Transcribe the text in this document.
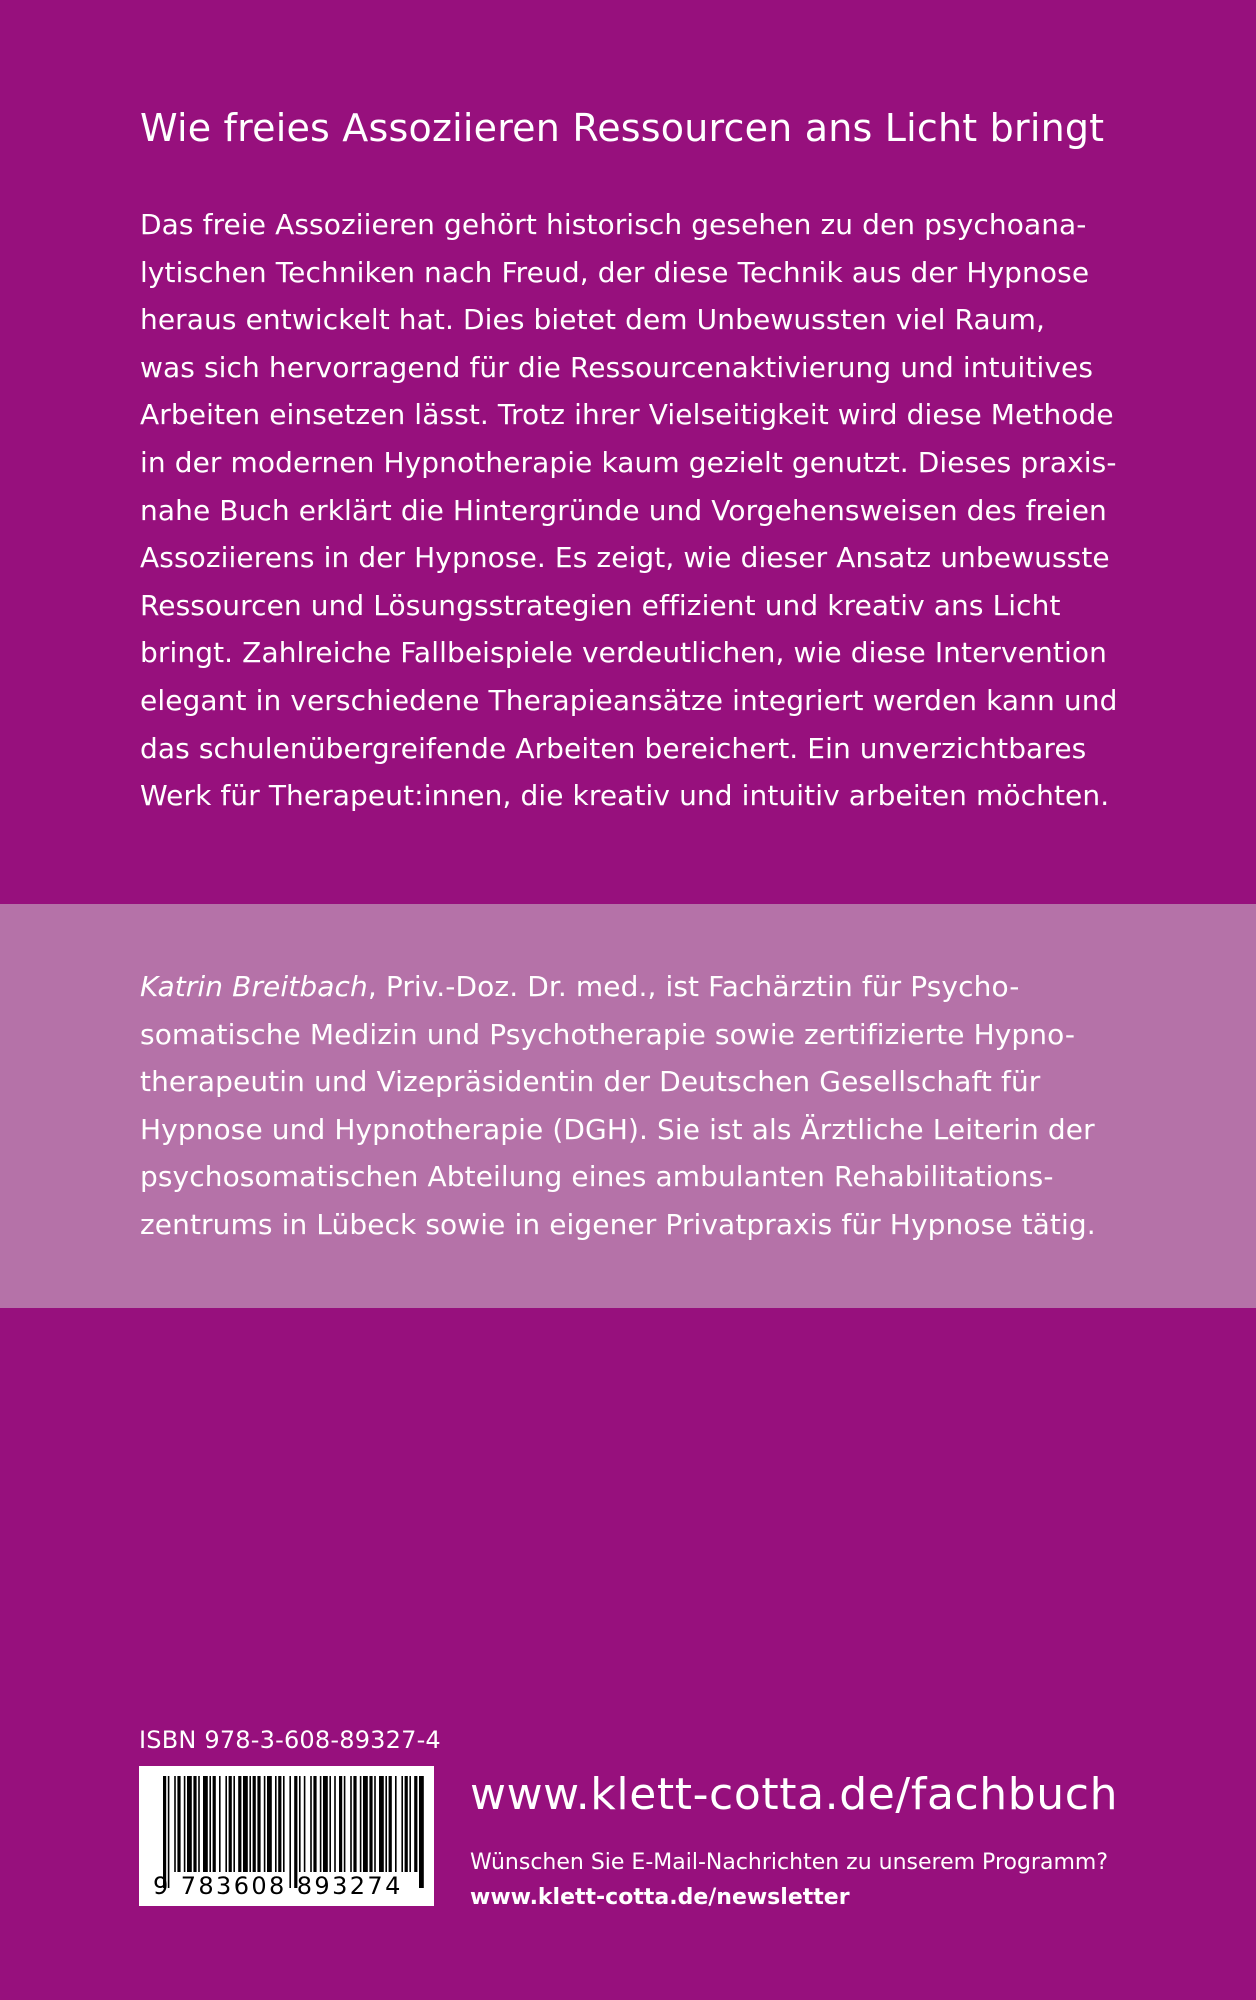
Wie freies Assoziieren Ressourcen ans Licht bringt
Das freie Assoziieren gehört historisch gesehen zu den psychoana-
lytischen Techniken nach Freud, der diese Technik aus der Hypnose
heraus entwickelt hat. Dies bietet dem Unbewussten viel Raum,
was sich hervorragend für die Ressourcenaktivierung und intuitives
Arbeiten einsetzen lässt. Trotz ihrer Vielseitigkeit wird diese Methode
in der modernen Hypnotherapie kaum gezielt genutzt. Dieses praxis-
nahe Buch erklärt die Hintergründe und Vorgehensweisen des freien
Assoziierens in der Hypnose. Es zeigt, wie dieser Ansatz unbewusste
Ressourcen und Lösungsstrategien effizient und kreativ ans Licht
bringt. Zahlreiche Fallbeispiele verdeutlichen, wie diese Intervention
elegant in verschiedene Therapieansätze integriert werden kann und
das schulenübergreifende Arbeiten bereichert. Ein unverzichtbares
Werk für Therapeut:innen, die kreativ und intuitiv arbeiten möchten.
Katrin Breitbach, Priv.-Doz. Dr. med., ist Fachärztin für Psycho-
somatische Medizin und Psychotherapie sowie zertifizierte Hypno-
therapeutin und Vizepräsidentin der Deutschen Gesellschaft für
Hypnose und Hypnotherapie (DGH). Sie ist als Ärztliche Leiterin der
psychosomatischen Abteilung eines ambulanten Rehabilitations-
zentrums in Lübeck sowie in eigener Privatpraxis für Hypnose tätig.
ISBN 978-3-608-89327-4
9 783608 893274
www.klett-cotta.de/fachbuch
Wünschen Sie E-Mail-Nachrichten zu unserem Programm?
www.klett-cotta.de/newsletter
